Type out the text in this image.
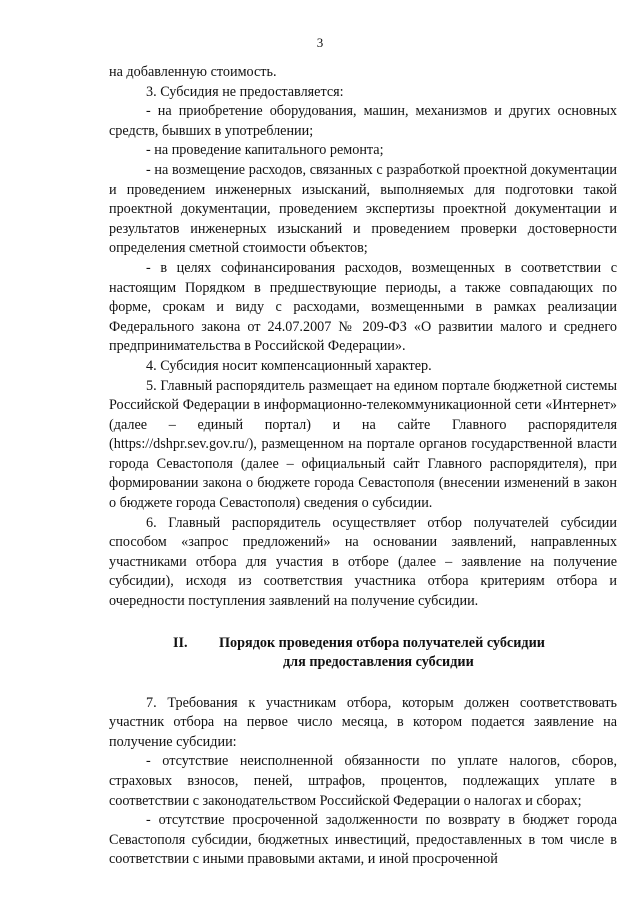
3

на добавленную стоимость.

3. Субсидия не предоставляется:

- на приобретение оборудования, машин, механизмов и других основных средств, бывших в употреблении;

- на проведение капитального ремонта;

- на возмещение расходов, связанных с разработкой проектной документации и проведением инженерных изысканий, выполняемых для подготовки такой проектной документации, проведением экспертизы проектной документации и результатов инженерных изысканий и проведением проверки достоверности определения сметной стоимости объектов;

- в целях софинансирования расходов, возмещенных в соответствии с настоящим Порядком в предшествующие периоды, а также совпадающих по форме, срокам и виду с расходами, возмещенными в рамках реализации Федерального закона от 24.07.2007 № 209-ФЗ «О развитии малого и среднего предпринимательства в Российской Федерации».

4. Субсидия носит компенсационный характер.

5. Главный распорядитель размещает на едином портале бюджетной системы Российской Федерации в информационно-телекоммуникационной сети «Интернет» (далее – единый портал) и на сайте Главного распорядителя (https://dshpr.sev.gov.ru/), размещенном на портале органов государственной власти города Севастополя (далее – официальный сайт Главного распорядителя), при формировании закона о бюджете города Севастополя (внесении изменений в закон о бюджете города Севастополя) сведения о субсидии.

6. Главный распорядитель осуществляет отбор получателей субсидии способом «запрос предложений» на основании заявлений, направленных участниками отбора для участия в отборе (далее – заявление на получение субсидии), исходя из соответствия участника отбора критериям отбора и очередности поступления заявлений на получение субсидии.

II. Порядок проведения отбора получателей субсидии
для предоставления субсидии

7. Требования к участникам отбора, которым должен соответствовать участник отбора на первое число месяца, в котором подается заявление на получение субсидии:

- отсутствие неисполненной обязанности по уплате налогов, сборов, страховых взносов, пеней, штрафов, процентов, подлежащих уплате в соответствии с законодательством Российской Федерации о налогах и сборах;

- отсутствие просроченной задолженности по возврату в бюджет города Севастополя субсидии, бюджетных инвестиций, предоставленных в том числе в соответствии с иными правовыми актами, и иной просроченной
